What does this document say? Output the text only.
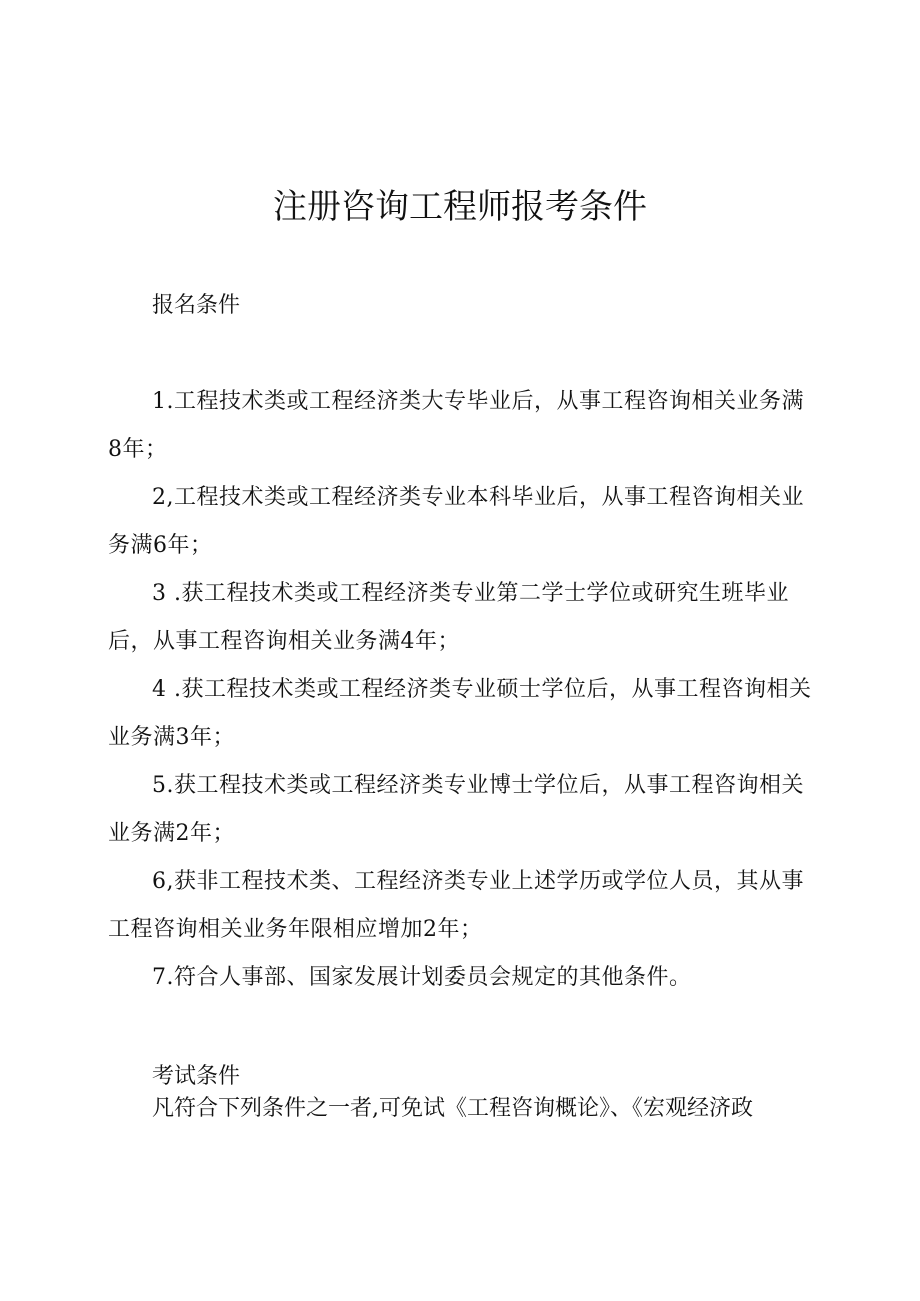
注册咨询工程师报考条件
报名条件
1.工程技术类或工程经济类大专毕业后，从事工程咨询相关业务满8年；
2,工程技术类或工程经济类专业本科毕业后，从事工程咨询相关业务满6年；
3 .获工程技术类或工程经济类专业第二学士学位或研究生班毕业后，从事工程咨询相关业务满4年；
4 .获工程技术类或工程经济类专业硕士学位后，从事工程咨询相关业务满3年；
5.获工程技术类或工程经济类专业博士学位后，从事工程咨询相关业务满2年；
6,获非工程技术类、工程经济类专业上述学历或学位人员，其从事工程咨询相关业务年限相应增加2年；
7.符合人事部、国家发展计划委员会规定的其他条件。
考试条件
凡符合下列条件之一者,可免试《工程咨询概论》、《宏观经济政
